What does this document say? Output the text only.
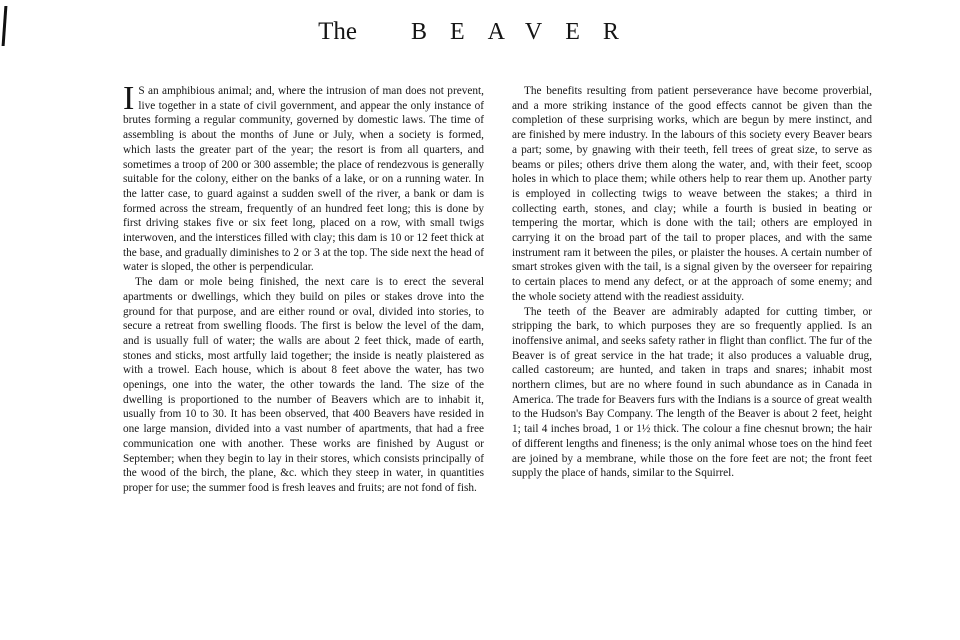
The BEAVER

I S an amphibious animal; and, where the intrusion of man does not prevent, live together in a state of civil government, and appear the only instance of brutes forming a regular community, governed by domestic laws. The time of assembling is about the months of June or July, when a society is formed, which lasts the greater part of the year; the resort is from all quarters, and sometimes a troop of 200 or 300 assemble; the place of rendezvous is generally suitable for the colony, either on the banks of a lake, or on a running water. In the latter case, to guard against a sudden swell of the river, a bank or dam is formed across the stream, frequently of an hundred feet long; this is done by first driving stakes five or six feet long, placed on a row, with small twigs interwoven, and the interstices filled with clay; this dam is 10 or 12 feet thick at the base, and gradually diminishes to 2 or 3 at the top. The side next the head of water is sloped, the other is perpendicular.

The dam or mole being finished, the next care is to erect the several apartments or dwellings, which they build on piles or stakes drove into the ground for that purpose, and are either round or oval, divided into stories, to secure a retreat from swelling floods. The first is below the level of the dam, and is usually full of water; the walls are about 2 feet thick, made of earth, stones and sticks, most artfully laid together; the inside is neatly plaistered as with a trowel. Each house, which is about 8 feet above the water, has two openings, one into the water, the other towards the land. The size of the dwelling is proportioned to the number of Beavers which are to inhabit it, usually from 10 to 30. It has been observed, that 400 Beavers have resided in one large mansion, divided into a vast number of apartments, that had a free communication one with another. These works are finished by August or September; when they begin to lay in their stores, which consists principally of the wood of the birch, the plane, &c. which they steep in water, in quantities proper for use; the summer food is fresh leaves and fruits; are not fond of fish.

The benefits resulting from patient perseverance have become proverbial, and a more striking instance of the good effects cannot be given than the completion of these surprising works, which are begun by mere instinct, and are finished by mere industry. In the labours of this society every Beaver bears a part; some, by gnawing with their teeth, fell trees of great size, to serve as beams or piles; others drive them along the water, and, with their feet, scoop holes in which to place them; while others help to rear them up. Another party is employed in collecting twigs to weave between the stakes; a third in collecting earth, stones, and clay; while a fourth is busied in beating or tempering the mortar, which is done with the tail; others are employed in carrying it on the broad part of the tail to proper places, and with the same instrument ram it between the piles, or plaister the houses. A certain number of smart strokes given with the tail, is a signal given by the overseer for repairing to certain places to mend any defect, or at the approach of some enemy; and the whole society attend with the readiest assiduity.

The teeth of the Beaver are admirably adapted for cutting timber, or stripping the bark, to which purposes they are so frequently applied. Is an inoffensive animal, and seeks safety rather in flight than conflict. The fur of the Beaver is of great service in the hat trade; it also produces a valuable drug, called castoreum; are hunted, and taken in traps and snares; inhabit most northern climes, but are no where found in such abundance as in Canada in America. The trade for Beavers furs with the Indians is a source of great wealth to the Hudson's Bay Company. The length of the Beaver is about 2 feet, height 1; tail 4 inches broad, 1 or 1½ thick. The colour a fine chesnut brown; the hair of different lengths and fineness; is the only animal whose toes on the hind feet are joined by a membrane, while those on the fore feet are not; the front feet supply the place of hands, similar to the Squirrel.
